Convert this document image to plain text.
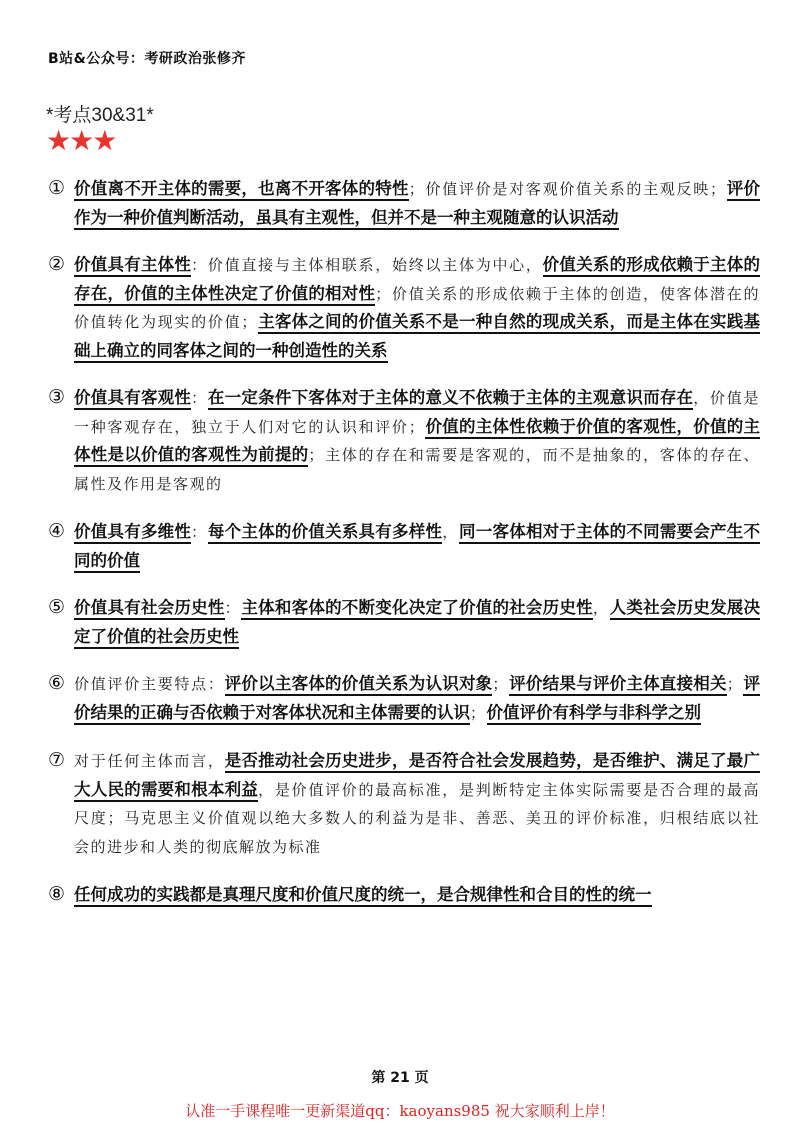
B站&公众号：考研政治张修齐
*考点30&31*
★★★
① 价值离不开主体的需要，也离不开客体的特性；价值评价是对客观价值关系的主观反映；评价作为一种价值判断活动，虽具有主观性，但并不是一种主观随意的认识活动
② 价值具有主体性：价值直接与主体相联系，始终以主体为中心，价值关系的形成依赖于主体的存在，价值的主体性决定了价值的相对性；价值关系的形成依赖于主体的创造，使客体潜在的价值转化为现实的价值；主客体之间的价值关系不是一种自然的现成关系，而是主体在实践基础上确立的同客体之间的一种创造性的关系
③ 价值具有客观性：在一定条件下客体对于主体的意义不依赖于主体的主观意识而存在，价值是一种客观存在，独立于人们对它的认识和评价；价值的主体性依赖于价值的客观性，价值的主体性是以价值的客观性为前提的；主体的存在和需要是客观的，而不是抽象的，客体的存在、属性及作用是客观的
④ 价值具有多维性：每个主体的价值关系具有多样性，同一客体相对于主体的不同需要会产生不同的价值
⑤ 价值具有社会历史性：主体和客体的不断变化决定了价值的社会历史性，人类社会历史发展决定了价值的社会历史性
⑥ 价值评价主要特点：评价以主客体的价值关系为认识对象；评价结果与评价主体直接相关；评价结果的正确与否依赖于对客体状况和主体需要的认识；价值评价有科学与非科学之别
⑦ 对于任何主体而言，是否推动社会历史进步，是否符合社会发展趋势，是否维护、满足了最广大人民的需要和根本利益，是价值评价的最高标准，是判断特定主体实际需要是否合理的最高尺度；马克思主义价值观以绝大多数人的利益为是非、善恶、美丑的评价标准，归根结底以社会的进步和人类的彻底解放为标准
⑧ 任何成功的实践都是真理尺度和价值尺度的统一，是合规律性和合目的性的统一
第 21 页
认准一手课程唯一更新渠道qq：kaoyans985 祝大家顺利上岸！
